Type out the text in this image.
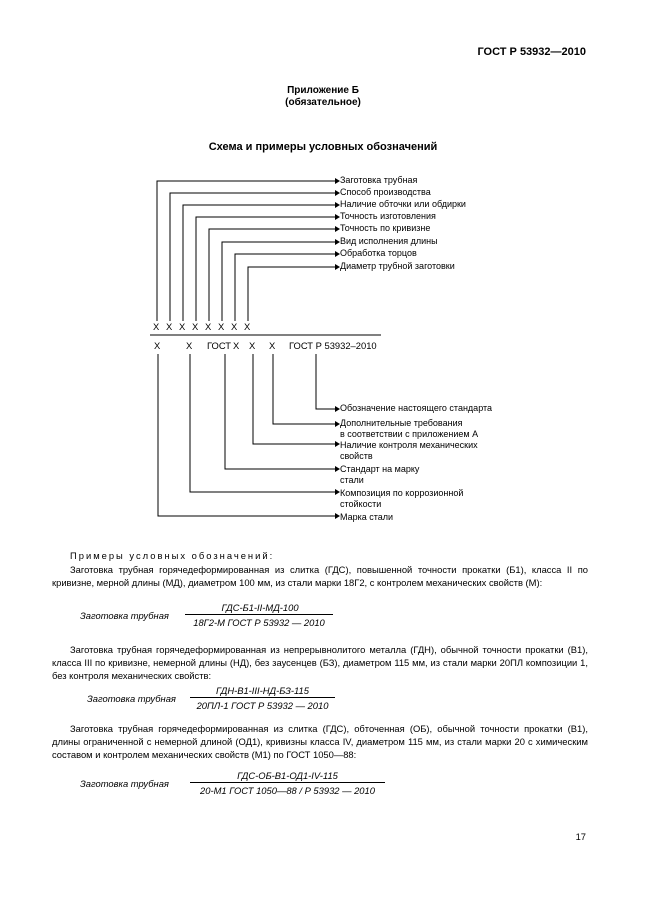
ГОСТ Р 53932—2010
Приложение Б
(обязательное)
Схема и примеры условных обозначений
Заготовка трубная
Способ производства
Наличие обточки или обдирки
Точность изготовления
Точность по кривизне
Вид исполнения длины
Обработка торцов
Диаметр трубной заготовки
X X X X X X X X
X	X ГОСТ X X X ГОСТ Р 53932–2010
Обозначение настоящего стандарта
Дополнительные требования
в соответствии с приложением А
Наличие контроля механических
свойств
Стандарт на марку
стали
Композиция по коррозионной
стойкости
Марка стали
Примеры условных обозначений:
Заготовка трубная горячедеформированная из слитка (ГДС), повышенной точности прокатки (Б1), класса II по кривизне, мерной длины (МД), диаметром 100 мм, из стали марки 18Г2, с контролем механических свойств (М):
Заготовка трубная
ГДС-Б1-II-МД-100
18Г2-М ГОСТ Р 53932 — 2010
Заготовка трубная горячедеформированная из непрерывнолитого металла (ГДН), обычной точности прокатки (В1), класса III по кривизне, немерной длины (НД), без заусенцев (БЗ), диаметром 115 мм, из стали марки 20ПЛ композиции 1, без контроля механических свойств:
Заготовка трубная
ГДН-В1-III-НД-БЗ-115
20ПЛ-1 ГОСТ Р 53932 — 2010
Заготовка трубная горячедеформированная из слитка (ГДС), обточенная (ОБ), обычной точности прокатки (В1), длины ограниченной с немерной длиной (ОД1), кривизны класса IV, диаметром 115 мм, из стали марки 20 с химическим составом и контролем механических свойств (М1) по ГОСТ 1050—88:
Заготовка трубная
ГДС-ОБ-В1-ОД1-IV-115
20-М1 ГОСТ 1050—88 / Р 53932 — 2010
17
